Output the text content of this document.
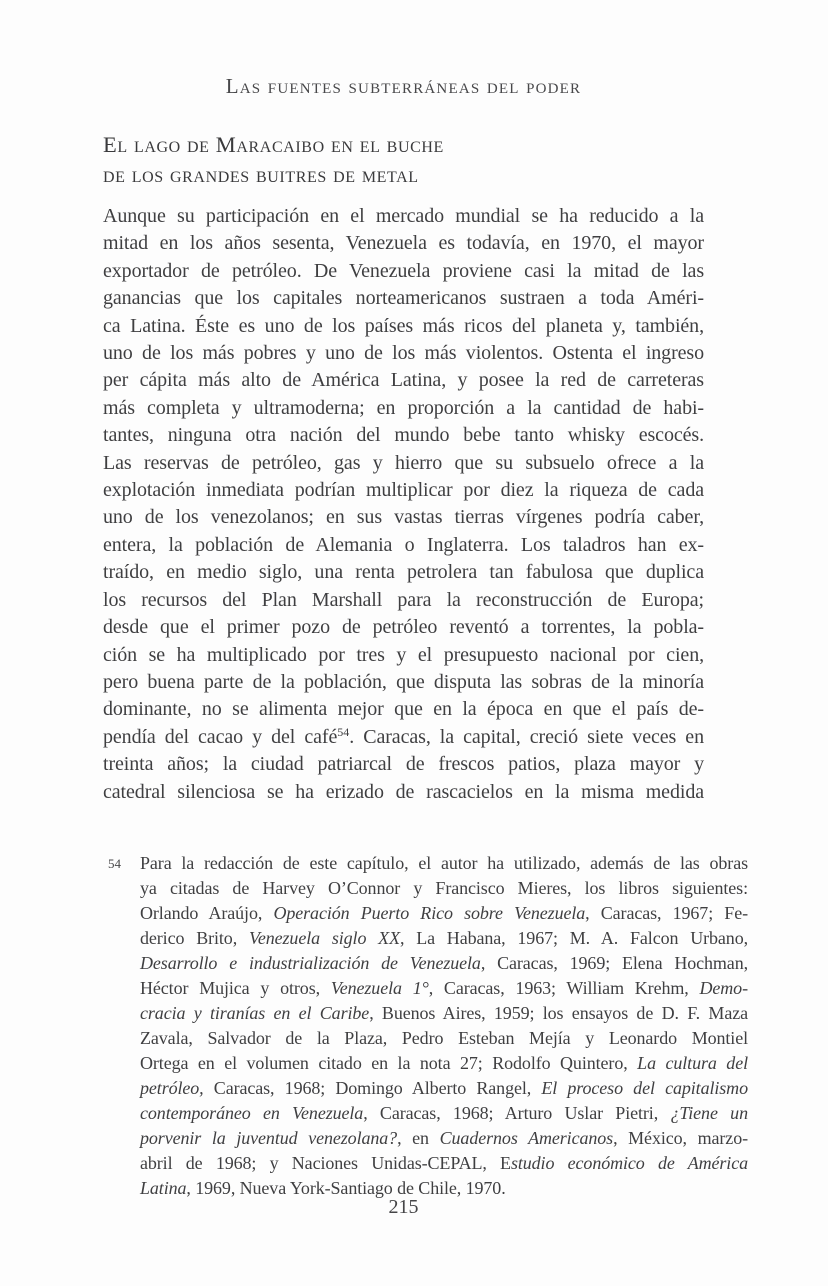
Las fuentes subterráneas del poder
El lago de Maracaibo en el buche
de los grandes buitres de metal
Aunque su participación en el mercado mundial se ha reducido a la
mitad en los años sesenta, Venezuela es todavía, en 1970, el mayor
exportador de petróleo. De Venezuela proviene casi la mitad de las
ganancias que los capitales norteamericanos sustraen a toda Améri-
ca Latina. Éste es uno de los países más ricos del planeta y, también,
uno de los más pobres y uno de los más violentos. Ostenta el ingreso
per cápita más alto de América Latina, y posee la red de carreteras
más completa y ultramoderna; en proporción a la cantidad de habi-
tantes, ninguna otra nación del mundo bebe tanto whisky escocés.
Las reservas de petróleo, gas y hierro que su subsuelo ofrece a la
explotación inmediata podrían multiplicar por diez la riqueza de cada
uno de los venezolanos; en sus vastas tierras vírgenes podría caber,
entera, la población de Alemania o Inglaterra. Los taladros han ex-
traído, en medio siglo, una renta petrolera tan fabulosa que duplica
los recursos del Plan Marshall para la reconstrucción de Europa;
desde que el primer pozo de petróleo reventó a torrentes, la pobla-
ción se ha multiplicado por tres y el presupuesto nacional por cien,
pero buena parte de la población, que disputa las sobras de la minoría
dominante, no se alimenta mejor que en la época en que el país de-
pendía del cacao y del café$^{54}$. Caracas, la capital, creció siete veces en
treinta años; la ciudad patriarcal de frescos patios, plaza mayor y
catedral silenciosa se ha erizado de rascacielos en la misma medida
54 Para la redacción de este capítulo, el autor ha utilizado, además de las obras
ya citadas de Harvey O’Connor y Francisco Mieres, los libros siguientes:
Orlando Araújo, Operación Puerto Rico sobre Venezuela, Caracas, 1967; Fe-
derico Brito, Venezuela siglo XX, La Habana, 1967; M. A. Falcon Urbano,
Desarrollo e industrialización de Venezuela, Caracas, 1969; Elena Hochman,
Héctor Mujica y otros, Venezuela 1°, Caracas, 1963; William Krehm, Demo-
cracia y tiranías en el Caribe, Buenos Aires, 1959; los ensayos de D. F. Maza
Zavala, Salvador de la Plaza, Pedro Esteban Mejía y Leonardo Montiel
Ortega en el volumen citado en la nota 27; Rodolfo Quintero, La cultura del
petróleo, Caracas, 1968; Domingo Alberto Rangel, El proceso del capitalismo
contemporáneo en Venezuela, Caracas, 1968; Arturo Uslar Pietri, ¿Tiene un
porvenir la juventud venezolana?, en Cuadernos Americanos, México, marzo-
abril de 1968; y Naciones Unidas-CEPAL, Estudio económico de América
Latina, 1969, Nueva York-Santiago de Chile, 1970.
215
